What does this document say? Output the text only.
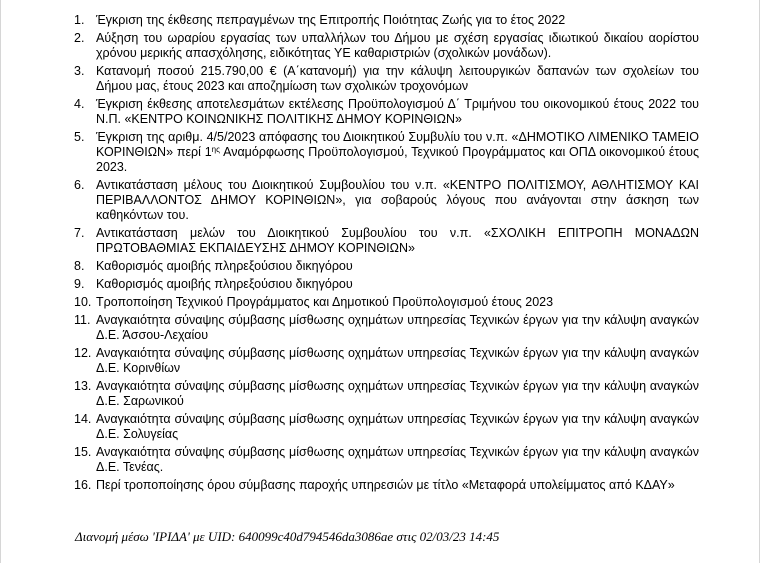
1. Έγκριση της έκθεσης πεπραγμένων της Επιτροπής Ποιότητας Ζωής για το έτος 2022
2. Αύξηση του ωραρίου εργασίας των υπαλλήλων του Δήμου με σχέση εργασίας ιδιωτικού δικαίου αορίστου χρόνου μερικής απασχόλησης, ειδικότητας ΥΕ καθαριστριών (σχολικών μονάδων).
3. Κατανομή ποσού 215.790,00 € (Α΄κατανομή) για την κάλυψη λειτουργικών δαπανών των σχολείων του Δήμου μας, έτους 2023 και αποζημίωση των σχολικών τροχονόμων
4. Έγκριση έκθεσης αποτελεσμάτων εκτέλεσης Προϋπολογισμού Δ΄ Τριμήνου του οικονομικού έτους 2022 του Ν.Π. «ΚΕΝΤΡΟ ΚΟΙΝΩΝΙΚΗΣ ΠΟΛΙΤΙΚΗΣ ΔΗΜΟΥ ΚΟΡΙΝΘΙΩΝ»
5. Έγκριση της αριθμ. 4/5/2023 απόφασης του Διοικητικού Συμβυλίυ του ν.π. «ΔΗΜΟΤΙΚΟ ΛΙΜΕΝΙΚΟ ΤΑΜΕΙΟ ΚΟΡΙΝΘΙΩΝ» περί $1^{\eta\varsigma}$ Αναμόρφωσης Προϋπολογισμού, Τεχνικού Προγράμματος και ΟΠΔ οικονομικού έτους 2023.
6. Αντικατάσταση μέλους του Διοικητικού Συμβουλίου του ν.π. «ΚΕΝΤΡΟ ΠΟΛΙΤΙΣΜΟΥ, ΑΘΛΗΤΙΣΜΟΥ ΚΑΙ ΠΕΡΙΒΑΛΛΟΝΤΟΣ ΔΗΜΟΥ ΚΟΡΙΝΘΙΩΝ», για σοβαρούς λόγους που ανάγονται στην άσκηση των καθηκόντων του.
7. Αντικατάσταση μελών του Διοικητικού Συμβουλίου του ν.π. «ΣΧΟΛΙΚΗ ΕΠΙΤΡΟΠΗ ΜΟΝΑΔΩΝ ΠΡΩΤΟΒΑΘΜΙΑΣ ΕΚΠΑΙΔΕΥΣΗΣ ΔΗΜΟΥ ΚΟΡΙΝΘΙΩΝ»
8. Καθορισμός αμοιβής πληρεξούσιου δικηγόρου
9. Καθορισμός αμοιβής πληρεξούσιου δικηγόρου
10. Τροποποίηση Τεχνικού Προγράμματος και Δημοτικού Προϋπολογισμού έτους 2023
11. Αναγκαιότητα σύναψης σύμβασης μίσθωσης οχημάτων υπηρεσίας Τεχνικών έργων για την κάλυψη αναγκών Δ.Ε. Άσσου-Λεχαίου
12. Αναγκαιότητα σύναψης σύμβασης μίσθωσης οχημάτων υπηρεσίας Τεχνικών έργων για την κάλυψη αναγκών Δ.Ε. Κορινθίων
13. Αναγκαιότητα σύναψης σύμβασης μίσθωσης οχημάτων υπηρεσίας Τεχνικών έργων για την κάλυψη αναγκών Δ.Ε. Σαρωνικού
14. Αναγκαιότητα σύναψης σύμβασης μίσθωσης οχημάτων υπηρεσίας Τεχνικών έργων για την κάλυψη αναγκών Δ.Ε. Σολυγείας
15. Αναγκαιότητα σύναψης σύμβασης μίσθωσης οχημάτων υπηρεσίας Τεχνικών έργων για την κάλυψη αναγκών Δ.Ε. Τενέας.
16. Περί τροποποίησης όρου σύμβασης παροχής υπηρεσιών με τίτλο «Μεταφορά υπολείμματος από ΚΔΑΥ»
Διανομή μέσω 'ΙΡΙΔΑ' με UID: 640099c40d794546da3086ae στις 02/03/23 14:45
